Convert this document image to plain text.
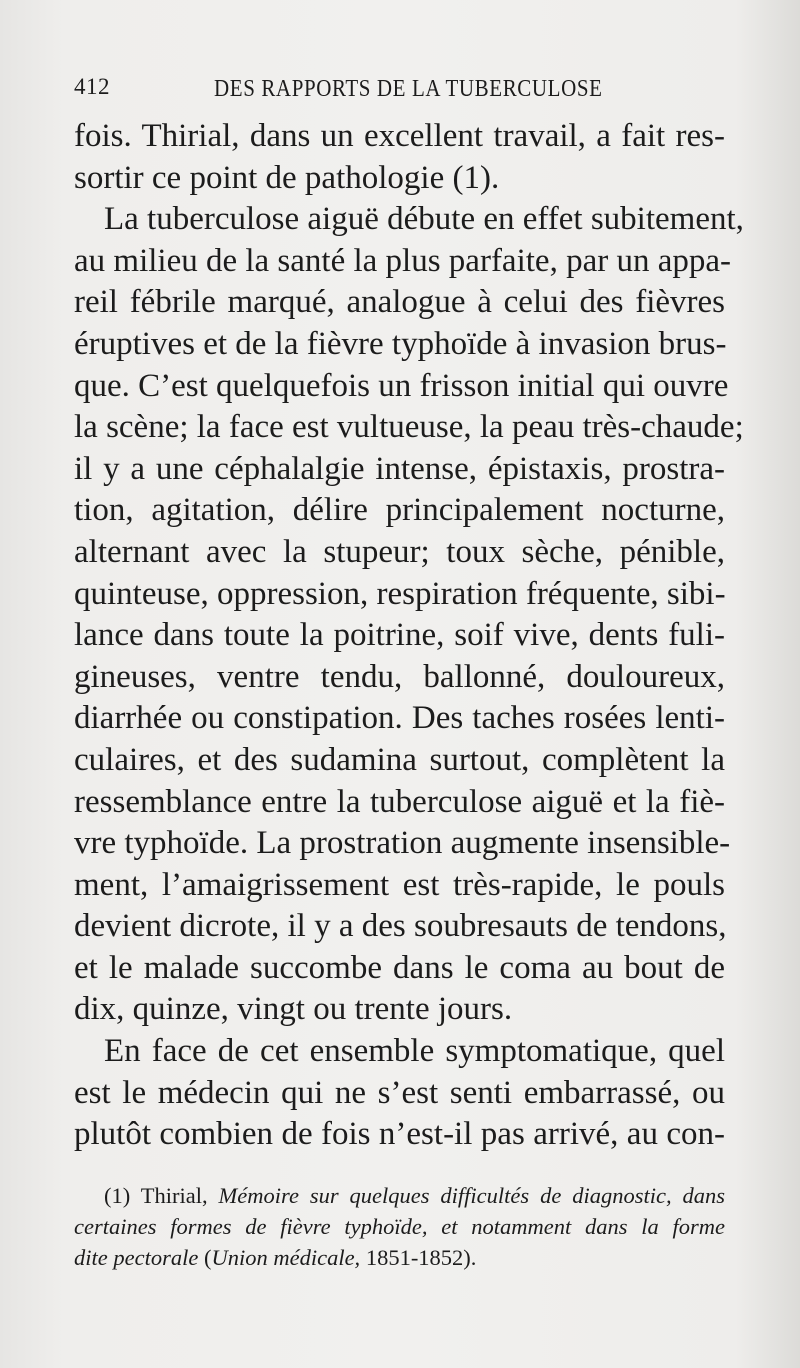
412	DES RAPPORTS DE LA TUBERCULOSE
fois. Thirial, dans un excellent travail, a fait res-
sortir ce point de pathologie (1).
La tuberculose aiguë débute en effet subitement,
au milieu de la santé la plus parfaite, par un appa-
reil fébrile marqué, analogue à celui des fièvres
éruptives et de la fièvre typhoïde à invasion brus-
que. C’est quelquefois un frisson initial qui ouvre
la scène; la face est vultueuse, la peau très-chaude;
il y a une céphalalgie intense, épistaxis, prostra-
tion, agitation, délire principalement nocturne,
alternant avec la stupeur; toux sèche, pénible,
quinteuse, oppression, respiration fréquente, sibi-
lance dans toute la poitrine, soif vive, dents fuli-
gineuses, ventre tendu, ballonné, douloureux,
diarrhée ou constipation. Des taches rosées lenti-
culaires, et des sudamina surtout, complètent la
ressemblance entre la tuberculose aiguë et la fiè-
vre typhoïde. La prostration augmente insensible-
ment, l’amaigrissement est très-rapide, le pouls
devient dicrote, il y a des soubresauts de tendons,
et le malade succombe dans le coma au bout de
dix, quinze, vingt ou trente jours.
En face de cet ensemble symptomatique, quel
est le médecin qui ne s’est senti embarrassé, ou
plutôt combien de fois n’est-il pas arrivé, au con-
(1) Thirial, Mémoire sur quelques difficultés de diagnostic, dans
certaines formes de fièvre typhoïde, et notamment dans la forme
dite pectorale (Union médicale, 1851-1852).
